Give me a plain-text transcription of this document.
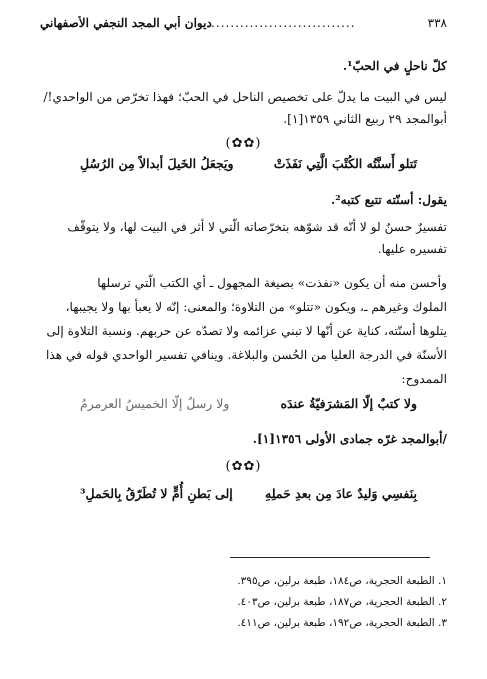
٣٣٨
................................
ديوان أبي المجد النجفي الأصفهاني
كلّ ناحلٍ في الحبّ¹.
ليس في البيت ما يدلّ على تخصيص الناحل في الحبّ؛ فهذا تخرّص من الواحدي!/ أبوالمجد ٢٩ ربيع الثاني ١٣٥٩[١].
(✿✿)
تَتلو أَسنَّتُه الكُتْبَ الَّتِي نَفَذَتْ
ويَجعَلُ الخَيلَ أبدالاً مِن الرُسُلِ
يقول: أسنّته تتبع كتبه².
تفسيرٌ حسنٌ لو لا أنّه قد شوّهه بتخرّصاته الّتي لا أثر في البيت لها، ولا يتوقّف تفسيره عليها.
وأحسن منه أن يكون «نفذت» بصيغة المجهول ـ أي الكتب الّتي ترسلها
الملوك وغيرهم ـ، ويكون «تتلو» من التلاوة؛ والمعنى: إنّه لا يعبأ بها ولا يجيبها،
يتلوها أسنّته، كناية عن أنّها لا تبني عزائمه ولا تصدّه عن حربهم. ونسبة التلاوة إلى
الأسنّة في الدرجة العليا من الحُسن والبلاغة. وينافي تفسير الواحدي قوله في هذا
الممدوح:
ولا كتبٌ إلّا المَشرَفيّةُ عندَه
ولا رسلٌ إلّا الخميسُ العرمرمُ
/أبوالمجد غرّه جمادى الأولى ١٣٥٦[١].
(✿✿)
بِنَفسِي وَليدٌ عادَ مِن بعدِ حَملِهِ
إلى بَطنِ أُمٍّ لا تُطَرّقُ بِالحَملِ³
١. الطبعة الحجرية، ص١٨٤، طبعة برلين، ص٣٩٥.
٢. الطبعة الحجرية، ص١٨٧، طبعة برلين، ص٤٠٣.
٣. الطبعة الحجرية، ص١٩٢، طبعة برلين، ص٤١١.
